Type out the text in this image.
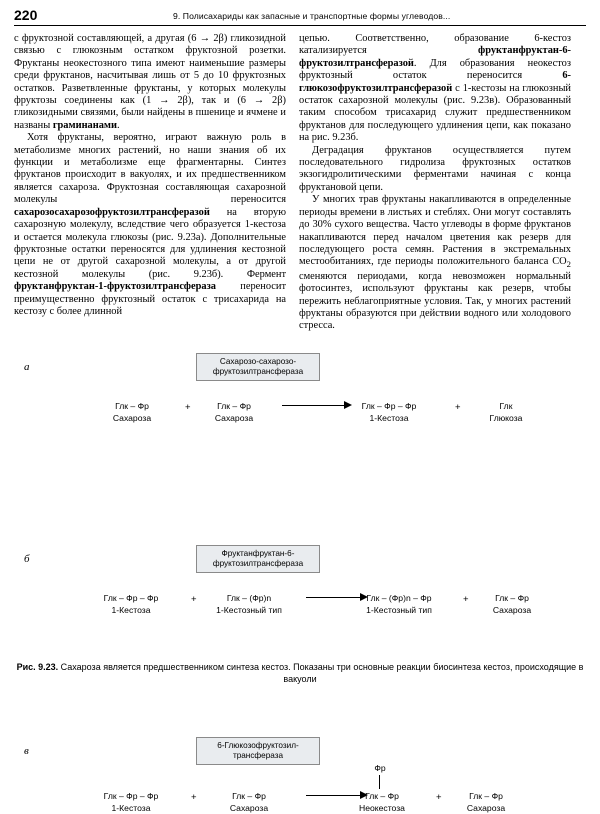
220	9. Полисахариды как запасные и транспортные формы углеводов...

с фруктозной составляющей, а другая (6 → 2β) гликозидной связью с глюкозным остатком фруктозной розетки. Фруктаны неокестозного типа имеют наименьшие размеры среди фруктанов, насчитывая лишь от 5 до 10 фруктозных остатков. Разветвленные фруктаны, у которых молекулы фруктозы соединены как (1 → 2β), так и (6 → 2β) гликозидными связями, были найдены в пшенице и ячмене и названы граминанами.

Хотя фруктаны, вероятно, играют важную роль в метаболизме многих растений, но наши знания об их функции и метаболизме еще фрагментарны. Синтез фруктанов происходит в вакуолях, и их предшественником является сахароза. Фруктозная составляющая сахарозной молекулы переносится сахарозосахарозофруктозилтрансферазой на вторую сахарозную молекулу, вследствие чего образуется 1-кестоза и остается молекула глюкозы (рис. 9.23а). Дополнительные фруктозные остатки переносятся для удлинения кестозной цепи не от другой сахарозной молекулы, а от другой кестозной молекулы (рис. 9.23б). Фермент фруктанфруктан-1-фруктозилтрансфераза переносит преимущественно фруктозный остаток с трисахарида на кестозу с более длинной

цепью. Соответственно, образование 6-кестоз катализируется фруктанфруктан-6-фруктозилтрансферазой. Для образования неокестоз фруктозный остаток переносится 6-глюкозофруктозилтрансферазой с 1-кестозы на глюкозный остаток сахарозной молекулы (рис. 9.23в). Образованный таким способом трисахарид служит предшественником фруктанов для последующего удлинения цепи, как показано на рис. 9.23б.

Деградация фруктанов осуществляется путем последовательного гидролиза фруктозных остатков экзогидролитическими ферментами начиная с конца фруктановой цепи.

У многих трав фруктаны накапливаются в определенные периоды времени в листьях и стеблях. Они могут составлять до 30% сухого вещества. Часто углеводы в форме фруктанов накапливаются перед началом цветения как резерв для последующего роста семян. Растения в экстремальных местообитаниях, где периоды положительного баланса $СО_2$ сменяются периодами, когда невозможен нормальный фотосинтез, используют фруктаны как резерв, чтобы пережить неблагоприятные условия. Так, у многих растений фруктаны образуются при действии водного или холодового стресса.

а	Сахарозо-сахарозо-фруктозилтрансфераза
Глк – Фр
Сахароза
+	Глк – Фр
Сахароза
Глк – Фр – Фр
1-Кестоза
+	Глк
Глюкоза
б	Фруктанфруктан-6-фруктозилтрансфераза
Глк – Фр – Фр
1-Кестоза
+	Глк – (Фр)n
1-Кестозный тип
Глк – (Фр)n – Фр
1-Кестозный тип
+	Глк – Фр
Сахароза
в	6-Глюкозофруктозил-трансфераза
Глк – Фр – Фр
1-Кестоза
+	Глк – Фр
Сахароза
Фр
Глк – Фр
Неокестоза
+	Глк – Фр
Сахароза
Рис. 9.23. Сахароза является предшественником синтеза кестоз. Показаны три основные реакции биосинтеза кестоз, происходящие в вакуоли
